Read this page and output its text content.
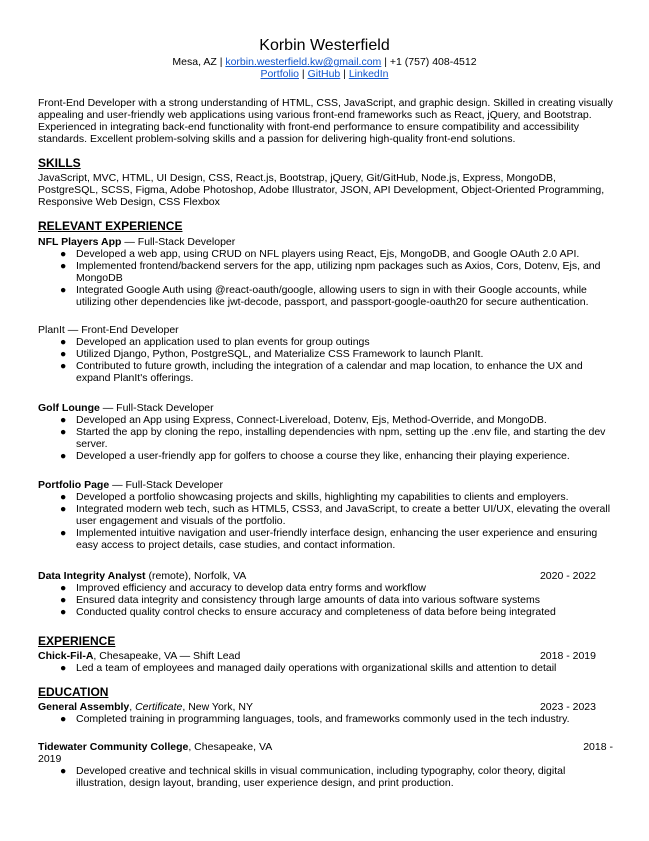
Korbin Westerfield
Mesa, AZ | korbin.westerfield.kw@gmail.com | +1 (757) 408-4512
Portfolio | GitHub | LinkedIn
Front-End Developer with a strong understanding of HTML, CSS, JavaScript, and graphic design. Skilled in creating visually appealing and user-friendly web applications using various front-end frameworks such as React, jQuery, and Bootstrap. Experienced in integrating back-end functionality with front-end performance to ensure compatibility and accessibility standards. Excellent problem-solving skills and a passion for delivering high-quality front-end solutions.
SKILLS
JavaScript, MVC, HTML, UI Design, CSS, React.js, Bootstrap, jQuery, Git/GitHub, Node.js, Express, MongoDB, PostgreSQL, SCSS, Figma, Adobe Photoshop, Adobe Illustrator, JSON, API Development, Object-Oriented Programming, Responsive Web Design, CSS Flexbox
RELEVANT EXPERIENCE
NFL Players App — Full-Stack Developer
● Developed a web app, using CRUD on NFL players using React, Ejs, MongoDB, and Google OAuth 2.0 API.
● Implemented frontend/backend servers for the app, utilizing npm packages such as Axios, Cors, Dotenv, Ejs, and MongoDB
● Integrated Google Auth using @react-oauth/google, allowing users to sign in with their Google accounts, while utilizing other dependencies like jwt-decode, passport, and passport-google-oauth20 for secure authentication.
PlanIt — Front-End Developer
● Developed an application used to plan events for group outings
● Utilized Django, Python, PostgreSQL, and Materialize CSS Framework to launch PlanIt.
● Contributed to future growth, including the integration of a calendar and map location, to enhance the UX and expand PlanIt's offerings.
Golf Lounge — Full-Stack Developer
● Developed an App using Express, Connect-Livereload, Dotenv, Ejs, Method-Override, and MongoDB.
● Started the app by cloning the repo, installing dependencies with npm, setting up the .env file, and starting the dev server.
● Developed a user-friendly app for golfers to choose a course they like, enhancing their playing experience.
Portfolio Page — Full-Stack Developer
● Developed a portfolio showcasing projects and skills, highlighting my capabilities to clients and employers.
● Integrated modern web tech, such as HTML5, CSS3, and JavaScript, to create a better UI/UX, elevating the overall user engagement and visuals of the portfolio.
● Implemented intuitive navigation and user-friendly interface design, enhancing the user experience and ensuring easy access to project details, case studies, and contact information.
Data Integrity Analyst (remote), Norfolk, VA	2020 - 2022
● Improved efficiency and accuracy to develop data entry forms and workflow
● Ensured data integrity and consistency through large amounts of data into various software systems
● Conducted quality control checks to ensure accuracy and completeness of data before being integrated
EXPERIENCE
Chick-Fil-A, Chesapeake, VA — Shift Lead	2018 - 2019
● Led a team of employees and managed daily operations with organizational skills and attention to detail
EDUCATION
General Assembly, Certificate, New York, NY	2023 - 2023
● Completed training in programming languages, tools, and frameworks commonly used in the tech industry.
Tidewater Community College, Chesapeake, VA	2018 -
2019
● Developed creative and technical skills in visual communication, including typography, color theory, digital illustration, design layout, branding, user experience design, and print production.
